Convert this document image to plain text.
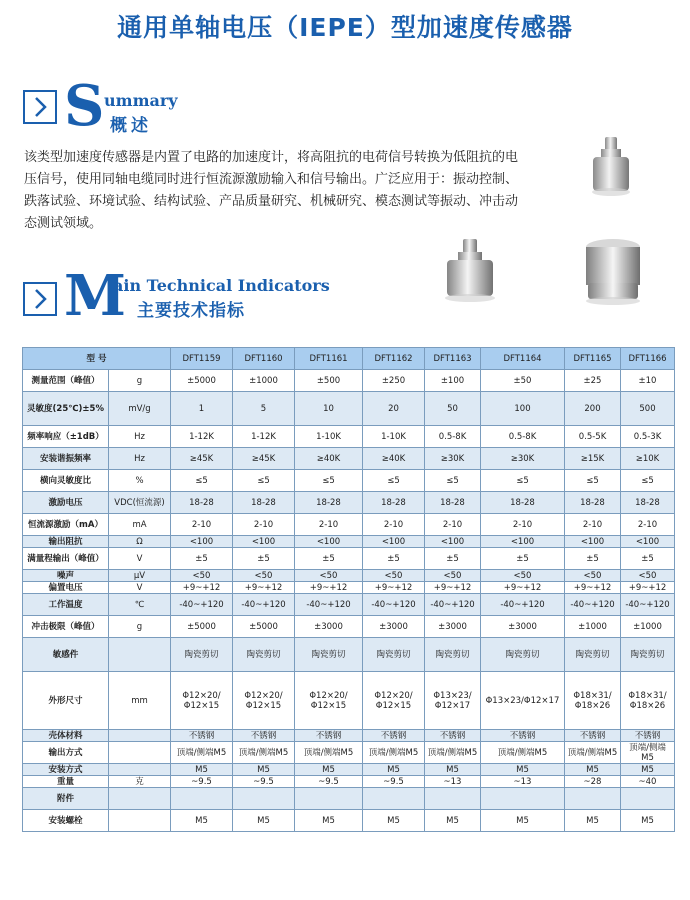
通用单轴电压（IEPE）型加速度传感器
S ummary
概述

该类型加速度传感器是内置了电路的加速度计，将高阻抗的电荷信号转换为低阻抗的电压信号，使用同轴电缆同时进行恒流源激励输入和信号输出。广泛应用于：振动控制、跌落试验、环境试验、结构试验、产品质量研究、机械研究、模态测试等振动、冲击动态测试领域。

M
ain Technical Indicators
主要技术指标
型 号		DFT1159	DFT1160	DFT1161	DFT1162	DFT1163	DFT1164	DFT1165	DFT1166
测量范围（峰值）	g	±5000	±1000	±500	±250	±100	±50	±25	±10
灵敏度(25℃)±5%	mV/g	1	5	10	20	50	100	200	500
频率响应（±1dB）	Hz	1-12K	1-12K	1-10K	1-10K	0.5-8K	0.5-8K	0.5-5K	0.5-3K
安装谐振频率	Hz	≥45K	≥45K	≥40K	≥40K	≥30K	≥30K	≥15K	≥10K
横向灵敏度比	%	≤5	≤5	≤5	≤5	≤5	≤5	≤5	≤5
激励电压	VDC(恒流源)	18-28	18-28	18-28	18-28	18-28	18-28	18-28	18-28
恒流源激励（mA）	mA	2-10	2-10	2-10	2-10	2-10	2-10	2-10	2-10
输出阻抗	Ω	<100	<100	<100	<100	<100	<100	<100	<100
满量程输出（峰值）	V	±5	±5	±5	±5	±5	±5	±5	±5
噪声	μV	<50	<50	<50	<50	<50	<50	<50	<50
偏置电压	V	+9~+12	+9~+12	+9~+12	+9~+12	+9~+12	+9~+12	+9~+12	+9~+12
工作温度	℃	-40~+120	-40~+120	-40~+120	-40~+120	-40~+120	-40~+120	-40~+120	-40~+120
冲击极限（峰值）	g	±5000	±5000	±3000	±3000	±3000	±3000	±1000	±1000
敏感件		陶瓷剪切	陶瓷剪切	陶瓷剪切	陶瓷剪切	陶瓷剪切	陶瓷剪切	陶瓷剪切	陶瓷剪切
外形尺寸	mm	Φ12×20/Φ12×15	Φ12×20/Φ12×15	Φ12×20/Φ12×15	Φ12×20/Φ12×15	Φ13×23/Φ12×17	Φ13×23/Φ12×17	Φ18×31/Φ18×26	Φ18×31/Φ18×26
壳体材料		不锈钢	不锈钢	不锈钢	不锈钢	不锈钢	不锈钢	不锈钢	不锈钢
输出方式		顶端/侧端M5	顶端/侧端M5	顶端/侧端M5	顶端/侧端M5	顶端/侧端M5	顶端/侧端M5	顶端/侧端M5	顶端/侧端M5
安装方式		M5	M5	M5	M5	M5	M5	M5	M5
重量	克	~9.5	~9.5	~9.5	~9.5	~13	~13	~28	~40
附件									
安装螺栓		M5	M5	M5	M5	M5	M5	M5	M5
